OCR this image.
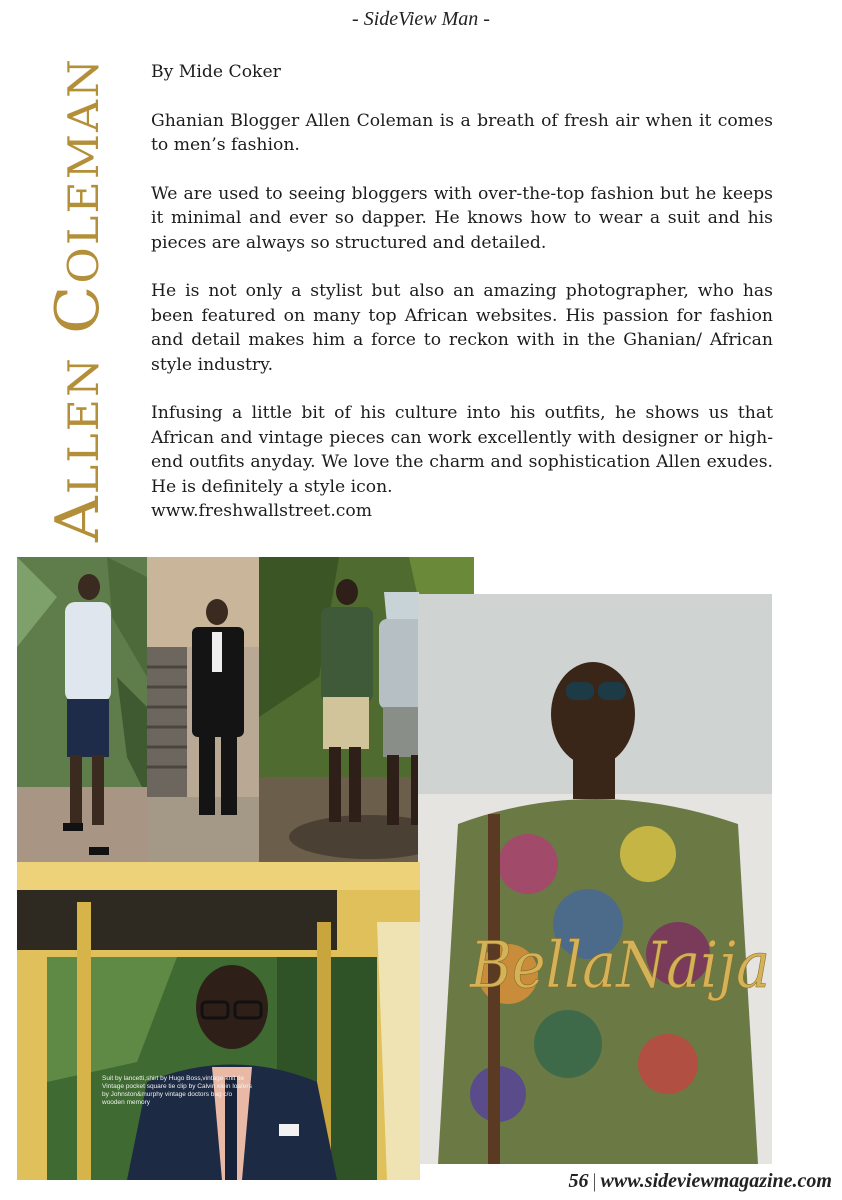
- SideView Man -
Allen Coleman

By Mide Coker

Ghanian Blogger Allen Coleman is a breath of fresh air when it comes to men’s fashion.

We are used to seeing bloggers with over-the-top fashion but he keeps it minimal and ever so dapper. He knows how to wear a suit and his pieces are always so structured and detailed.

He is not only a stylist but also an amazing photographer, who has been featured on many top African websites. His passion for fashion and detail makes him a force to reckon with in the Ghanian/ African style industry.

Infusing a little bit of his culture into his outfits, he shows us that African and vintage pieces can work excellently with designer or high-end outfits anyday. We love the charm and sophistication Allen exudes. He is definitely a style icon.

www.freshwallstreet.com

Suit by lancetti,shirt by Hugo Boss,vintage knit tie Vintage pocket square tie clip by Calvin klein loafers by Johnston&murphy vintage doctors bag c/o wooden memory
BellaNaija
56 | www.sideviewmagazine.com
